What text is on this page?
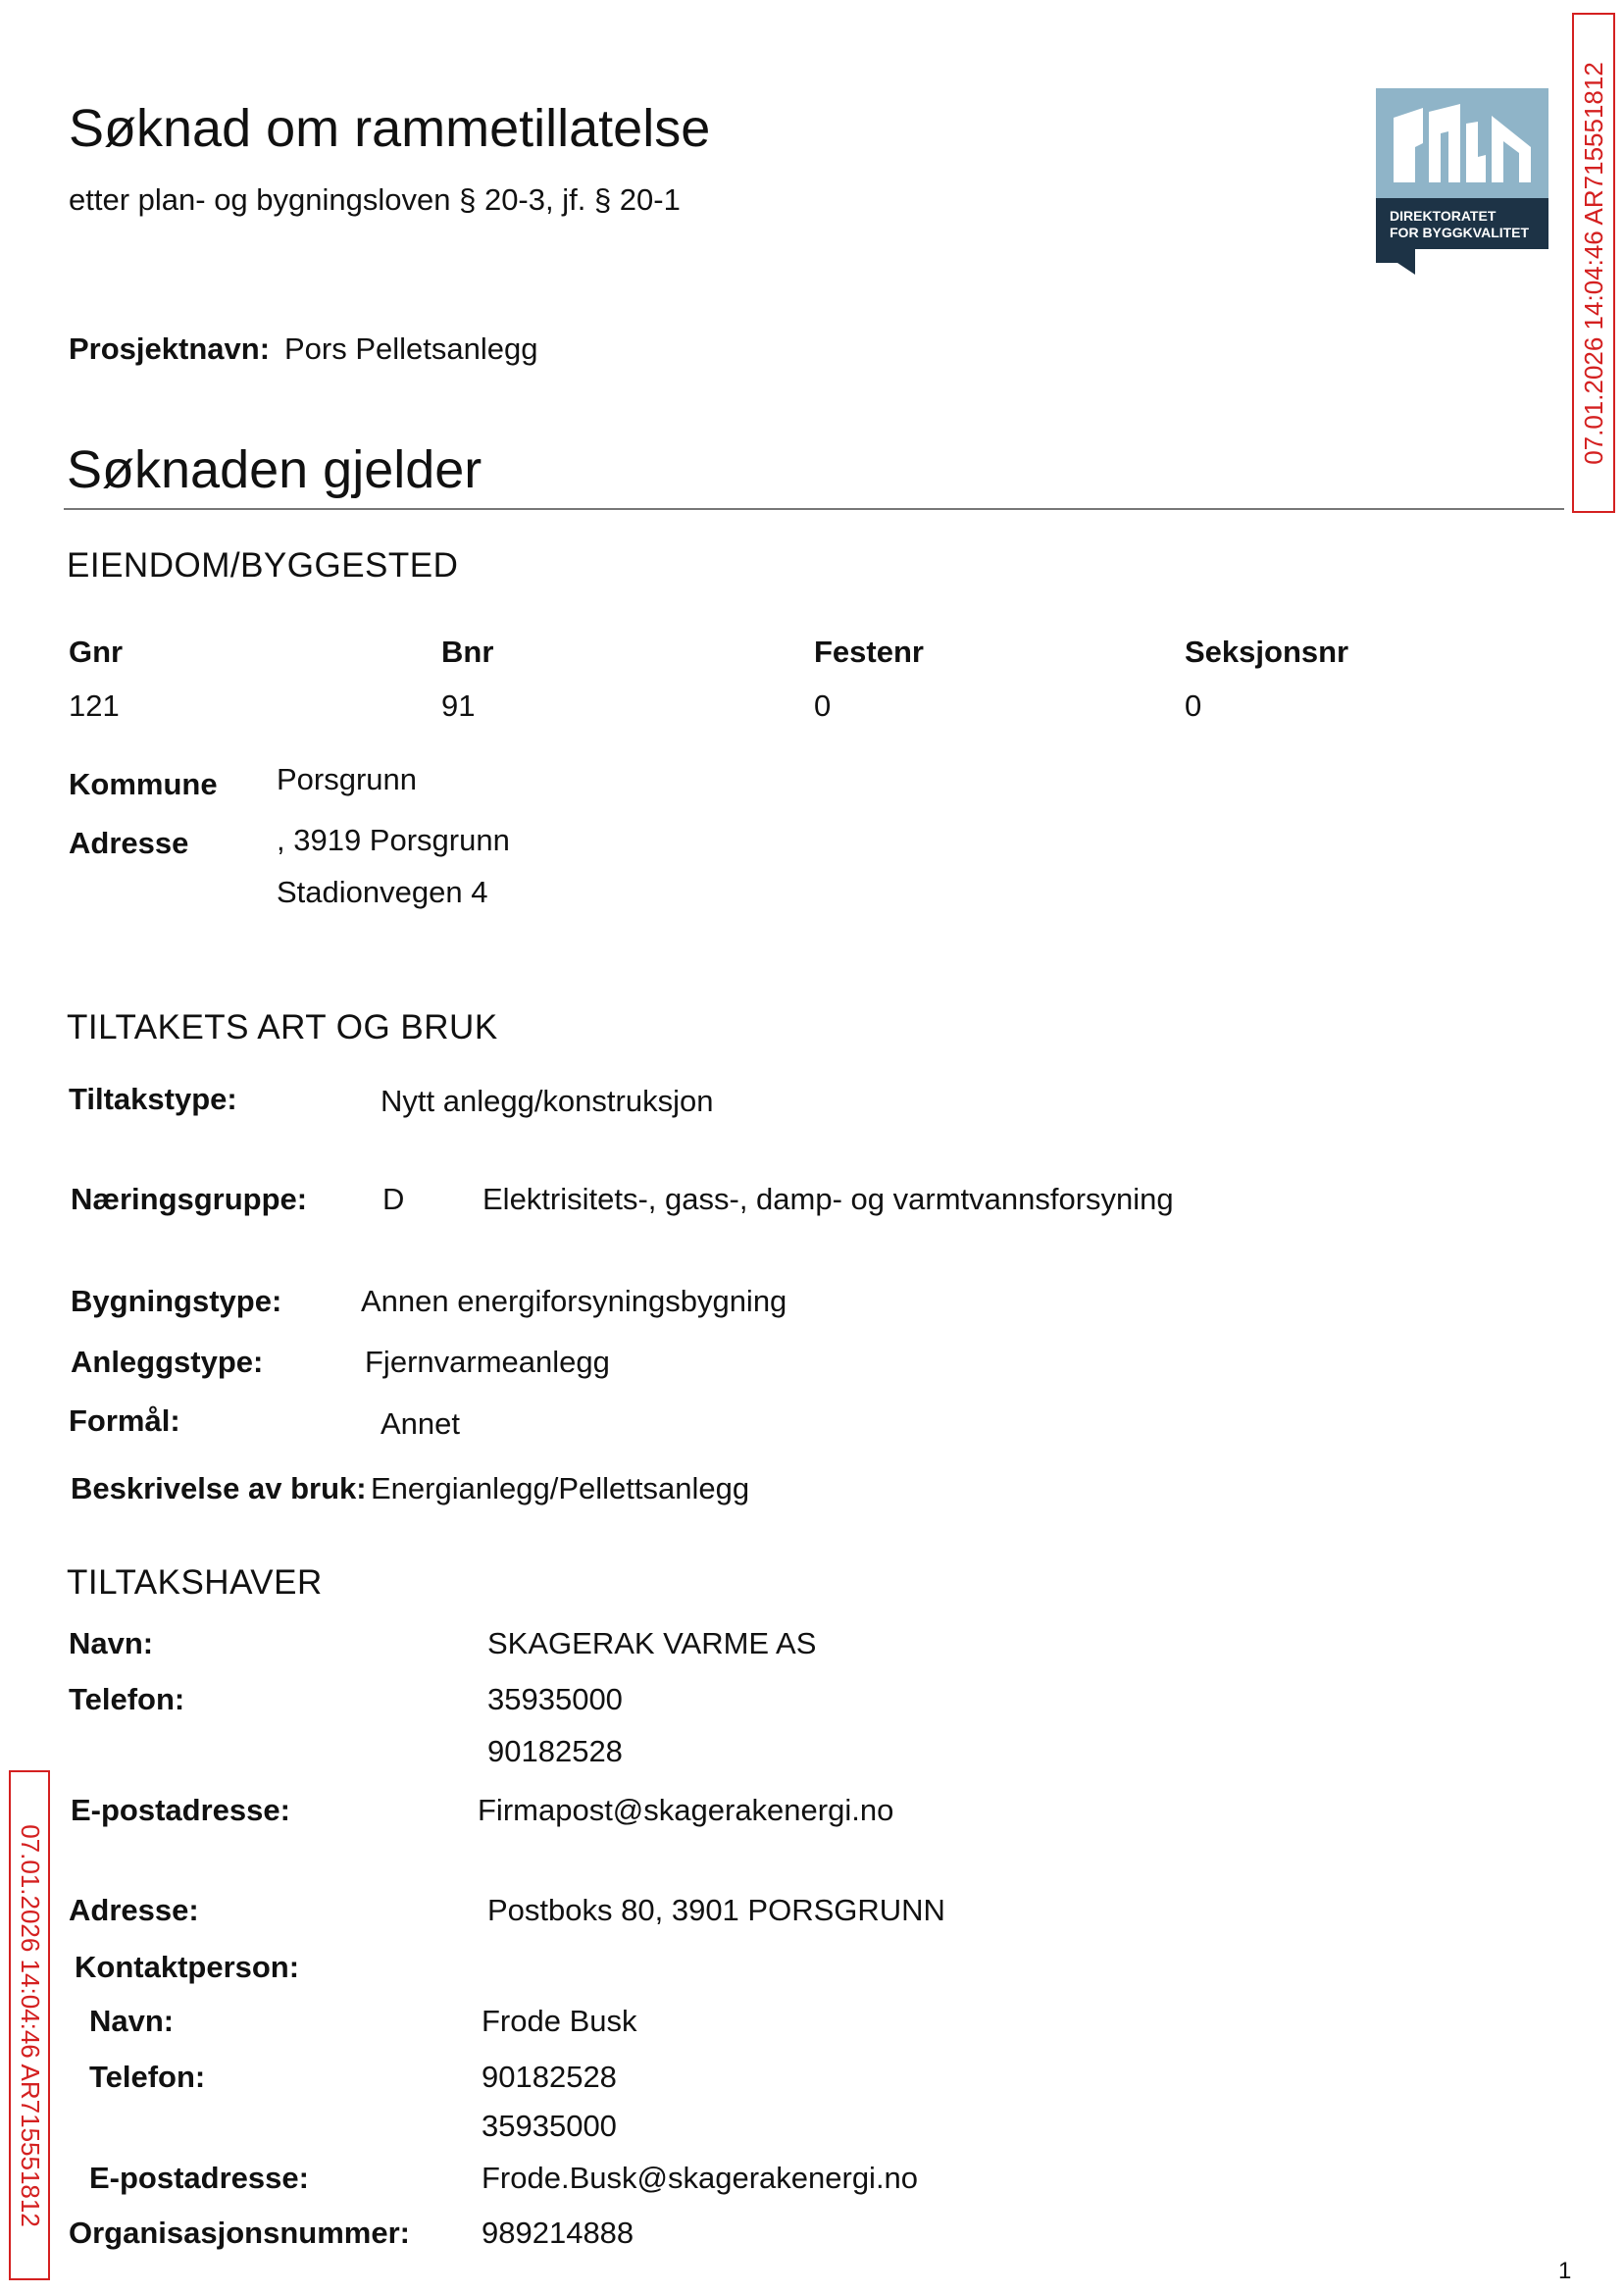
Søknad om rammetillatelse
etter plan- og bygningsloven § 20-3, jf. § 20-1	DIREKTORATET
FOR BYGGKVALITET
Prosjektnavn: Pors Pelletsanlegg
Søknaden gjelder
EIENDOM/BYGGESTED
Gnr	Bnr	Festenr	Seksjonsnr
121	91	0	0
Kommune Porsgrunn
Adresse	, 3919 Porsgrunn
Stadionvegen 4
TILTAKETS ART OG BRUK
Tiltakstype:	Nytt anlegg/konstruksjon
Næringsgruppe: D	Elektrisitets-, gass-, damp- og varmtvannsforsyning
Bygningstype:	Annen energiforsyningsbygning
Anleggstype:	Fjernvarmeanlegg
Formål:	Annet
Beskrivelse av bruk: Energianlegg/Pellettsanlegg
TILTAKSHAVER
Navn:	SKAGERAK VARME AS
Telefon:	35935000
90182528
E-postadresse:	Firmapost@skagerakenergi.no
Adresse:	Postboks 80, 3901 PORSGRUNN
Kontaktperson:
Navn:	Frode Busk
Telefon:	90182528
35935000
E-postadresse:	Frode.Busk@skagerakenergi.no
Organisasjonsnummer: 989214888
07.01.2026 14:04:46 AR715551812
07.01.2026 14:04:46 AR715551812
1
